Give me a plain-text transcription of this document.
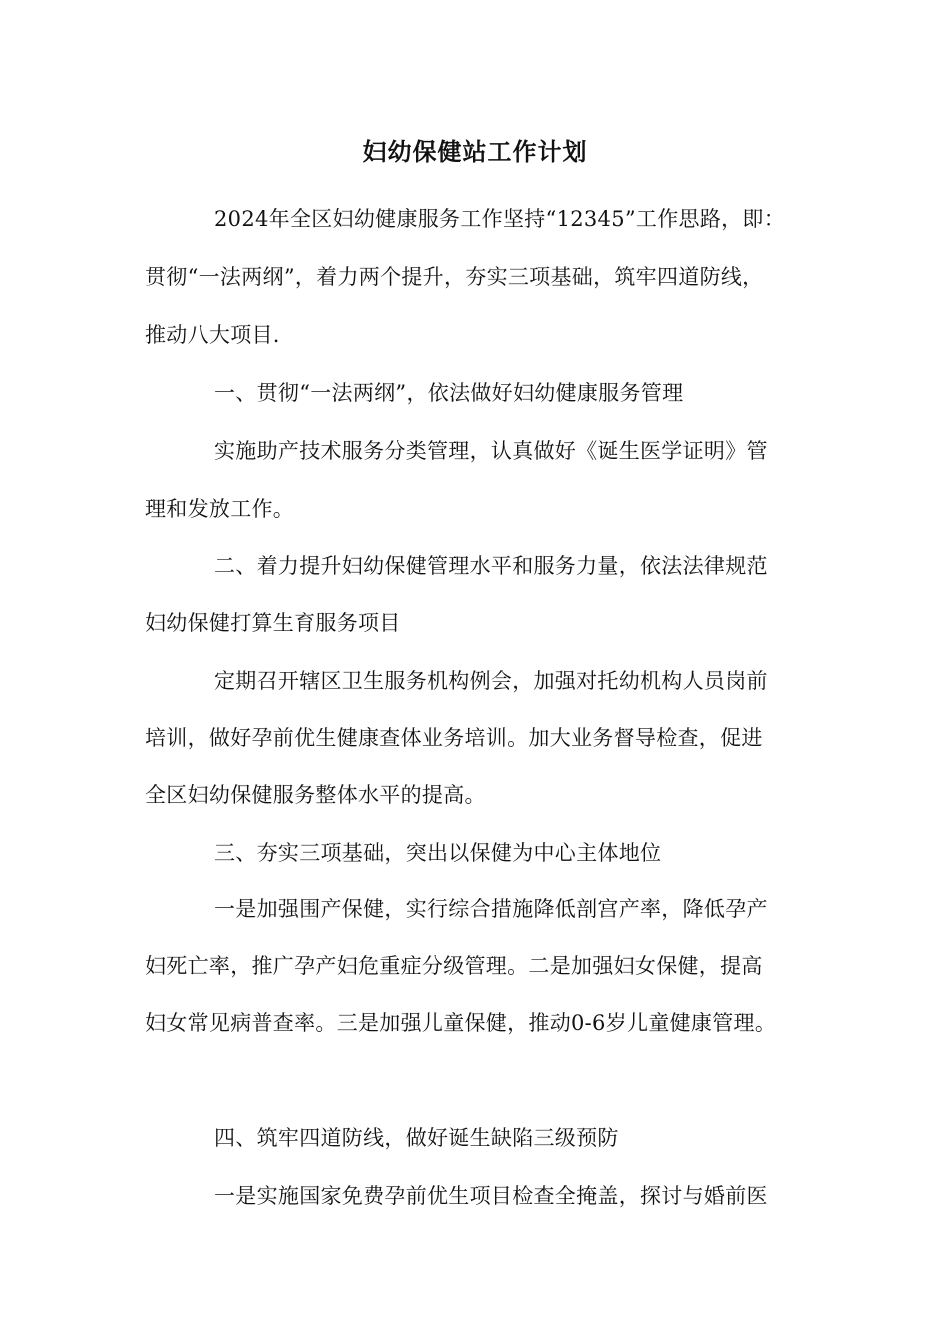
妇幼保健站工作计划
2024年全区妇幼健康服务工作坚持“12345”工作思路，即：
贯彻“一法两纲”，着力两个提升，夯实三项基础，筑牢四道防线，
推动八大项目.
一、贯彻“一法两纲”，依法做好妇幼健康服务管理
实施助产技术服务分类管理，认真做好《诞生医学证明》管
理和发放工作。
二、着力提升妇幼保健管理水平和服务力量，依法法律规范
妇幼保健打算生育服务项目
定期召开辖区卫生服务机构例会，加强对托幼机构人员岗前
培训，做好孕前优生健康查体业务培训。加大业务督导检查，促进
全区妇幼保健服务整体水平的提高。
三、夯实三项基础，突出以保健为中心主体地位
一是加强围产保健，实行综合措施降低剖宫产率，降低孕产
妇死亡率，推广孕产妇危重症分级管理。二是加强妇女保健，提高
妇女常见病普查率。三是加强儿童保健，推动0-6岁儿童健康管理。
四、筑牢四道防线，做好诞生缺陷三级预防
一是实施国家免费孕前优生项目检查全掩盖，探讨与婚前医
